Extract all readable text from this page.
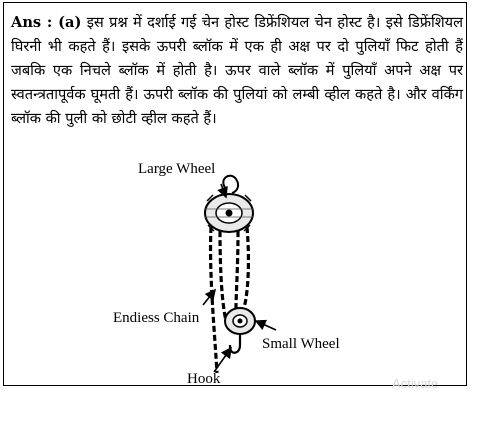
Ans : (a) इस प्रश्न में दर्शाई गई चेन होस्ट डिफ्रेंशियल चेन होस्ट है। इसे डिफ्रेंशियल घिरनी भी कहते हैं। इसके ऊपरी ब्लॉक में एक ही अक्ष पर दो पुलियाँ फिट होती हैं जबकि एक निचले ब्लॉक में होती है। ऊपर वाले ब्लॉक में पुलियाँ अपने अक्ष पर स्वतन्त्रतापूर्वक घूमती हैं। ऊपरी ब्लॉक की पुलियां को लम्बी व्हील कहते है। और वर्किंग ब्लॉक की पुली को छोटी व्हील कहते हैं।
Large Wheel
Endiess Chain
Small Wheel
Hook	Activate
